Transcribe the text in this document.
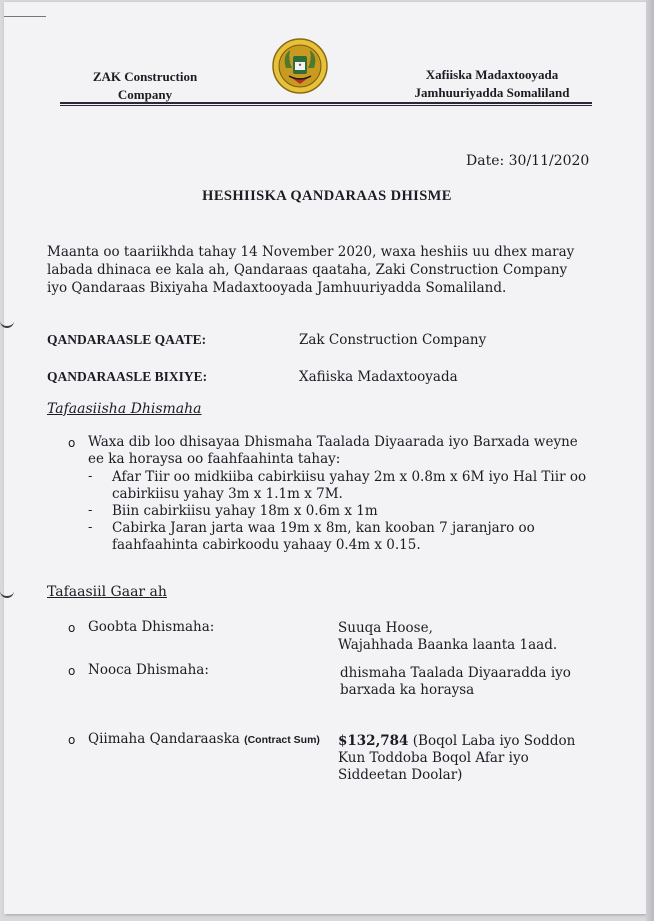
ZAK Construction
Company
Xafiiska Madaxtooyada
Jamhuuriyadda Somaliland
Date: 30/11/2020
HESHIISKA QANDARAAS DHISME
Maanta oo taariikhda tahay 14 November 2020, waxa heshiis uu dhex maray
labada dhinaca ee kala ah, Qandaraas qaataha, Zaki Construction Company
iyo Qandaraas Bixiyaha Madaxtooyada Jamhuuriyadda Somaliland.
QANDARAASLE QAATE:	Zak Construction Company
QANDARAASLE BIXIYE:	Xafiiska Madaxtooyada
Tafaasiisha Dhismaha
o Waxa dib loo dhisayaa Dhismaha Taalada Diyaarada iyo Barxada weyne
ee ka horaysa oo faahfaahinta tahay:
- Afar Tiir oo midkiiba cabirkiisu yahay 2m x 0.8m x 6M iyo Hal Tiir oo
cabirkiisu yahay 3m x 1.1m x 7M.
- Biin cabirkiisu yahay 18m x 0.6m x 1m
- Cabirka Jaran jarta waa 19m x 8m, kan kooban 7 jaranjaro oo
faahfaahinta cabirkoodu yahaay 0.4m x 0.15.
Tafaasiil Gaar ah
o Goobta Dhismaha:	Suuqa Hoose,
Wajahhada Baanka laanta 1aad.
o Nooca Dhismaha:	dhismaha Taalada Diyaaradda iyo
barxada ka horaysa
o Qiimaha Qandaraaska (Contract Sum) $132,784 (Boqol Laba iyo Soddon
Kun Toddoba Boqol Afar iyo
Siddeetan Doolar)
